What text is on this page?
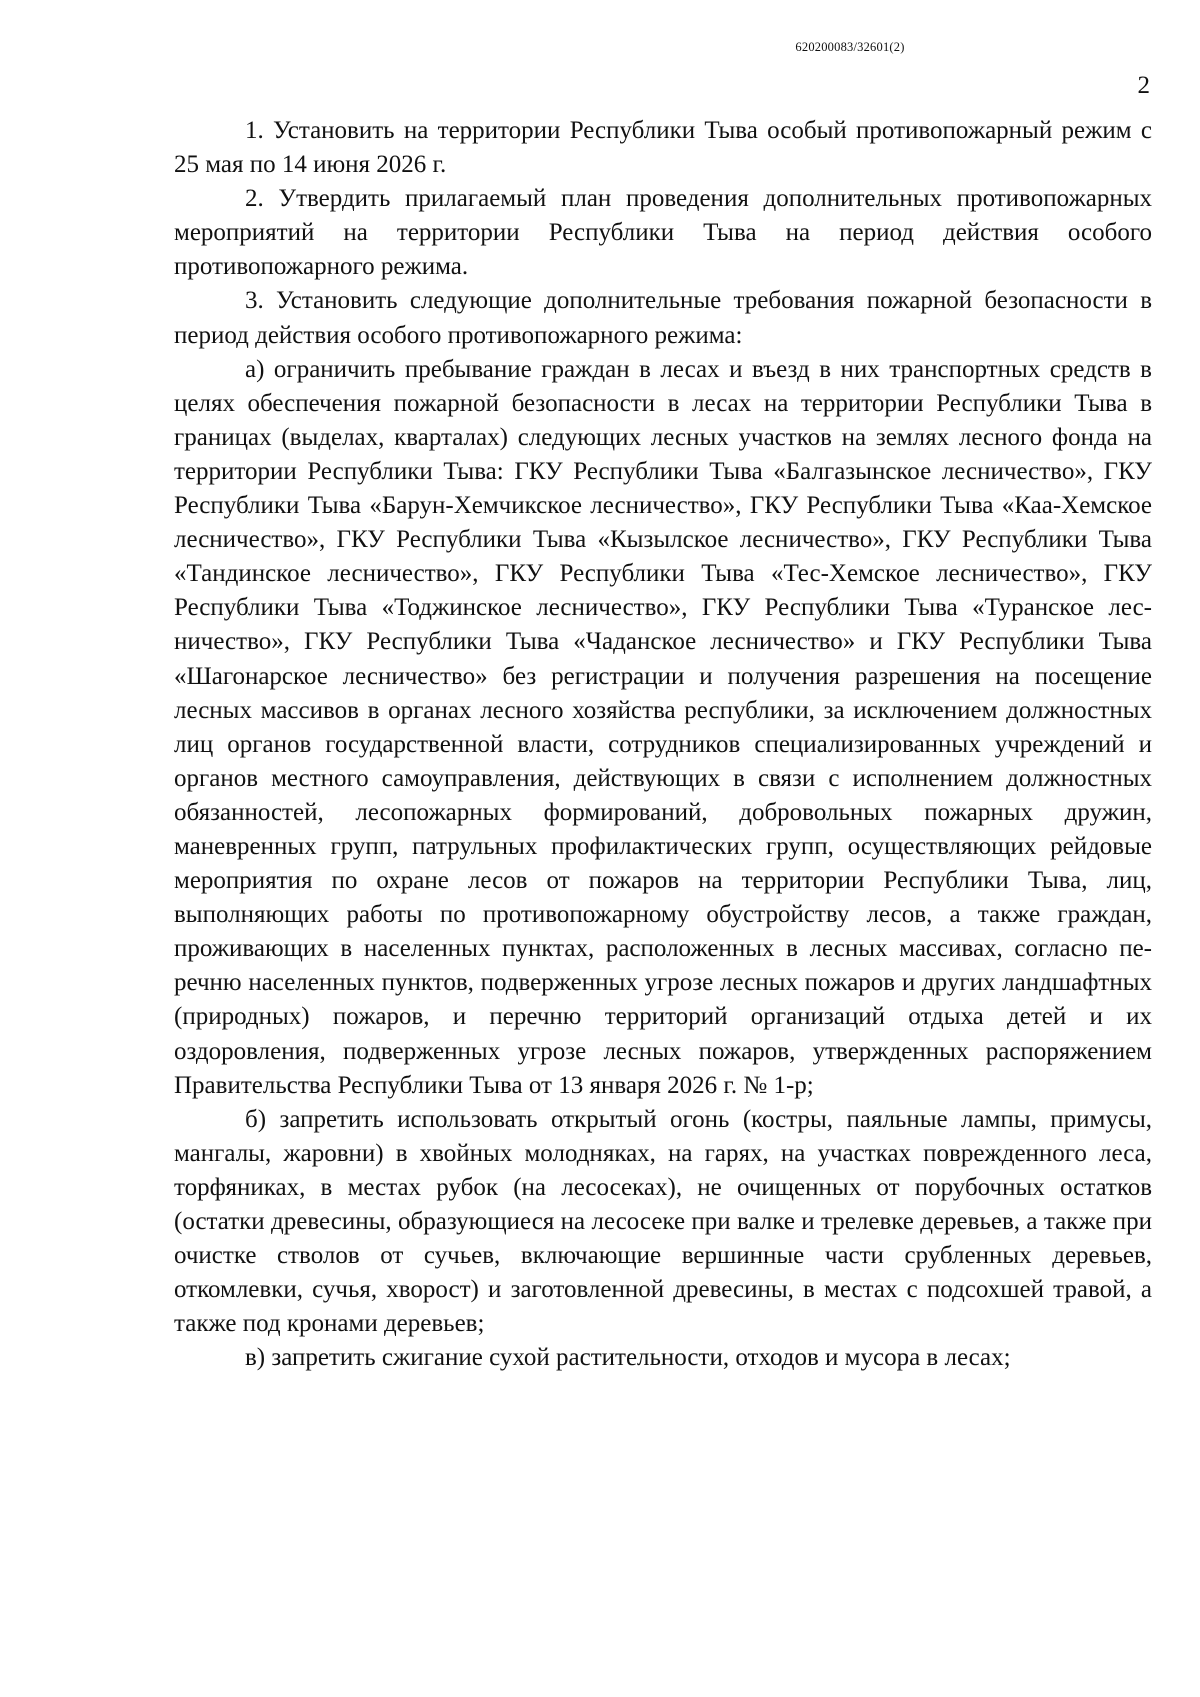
620200083/32601(2)
2

1. Установить на территории Республики Тыва особый противопожарный режим с 25 мая по 14 июня 2026 г.

2. Утвердить прилагаемый план проведения дополнительных противопожарных мероприятий на территории Республики Тыва на период действия особого противопожарного режима.

3. Установить следующие дополнительные требования пожарной безопасности в период действия особого противопожарного режима:

а) ограничить пребывание граждан в лесах и въезд в них транспортных средств в целях обеспечения пожарной безопасности в лесах на территории Республики Тыва в границах (выделах, кварталах) следующих лесных участков на землях лесного фонда на территории Республики Тыва: ГКУ Республики Тыва «Балгазынское лесничество», ГКУ Республики Тыва «Барун-Хемчикское лесничество», ГКУ Республики Тыва «Каа-Хемское лесничество», ГКУ Республики Тыва «Кызылское лесничество», ГКУ Республики Тыва «Тандинское лесничество», ГКУ Республики Тыва «Тес-Хемское лесничество», ГКУ Республики Тыва «Тоджинское лесничество», ГКУ Республики Тыва «Туранское лесничество», ГКУ Республики Тыва «Чаданское лесничество» и ГКУ Республики Тыва «Шагонарское лесничество» без регистрации и получения разрешения на посещение лесных массивов в органах лесного хозяйства республики, за исключением должностных лиц органов государственной власти, сотрудников специализированных учреждений и органов местного самоуправления, действующих в связи с исполнением должностных обязанностей, лесопожарных формирований, добровольных пожарных дружин, маневренных групп, патрульных профилактических групп, осуществляющих рейдовые мероприятия по охране лесов от пожаров на территории Республики Тыва, лиц, выполняющих работы по противопожарному обустройству лесов, а также граждан, проживающих в населенных пунктах, расположенных в лесных массивах, согласно перечню населенных пунктов, подверженных угрозе лесных пожаров и других ландшафтных (природных) пожаров, и перечню территорий организаций отдыха детей и их оздоровления, подверженных угрозе лесных пожаров, утвержденных распоряжением Правительства Республики Тыва от 13 января 2026 г. № 1-р;

б) запретить использовать открытый огонь (костры, паяльные лампы, примусы, мангалы, жаровни) в хвойных молодняках, на гарях, на участках поврежденного леса, торфяниках, в местах рубок (на лесосеках), не очищенных от порубочных остатков (остатки древесины, образующиеся на лесосеке при валке и трелевке деревьев, а также при очистке стволов от сучьев, включающие вершинные части срубленных деревьев, откомлевки, сучья, хворост) и заготовленной древесины, в местах с подсохшей травой, а также под кронами деревьев;

в) запретить сжигание сухой растительности, отходов и мусора в лесах;
